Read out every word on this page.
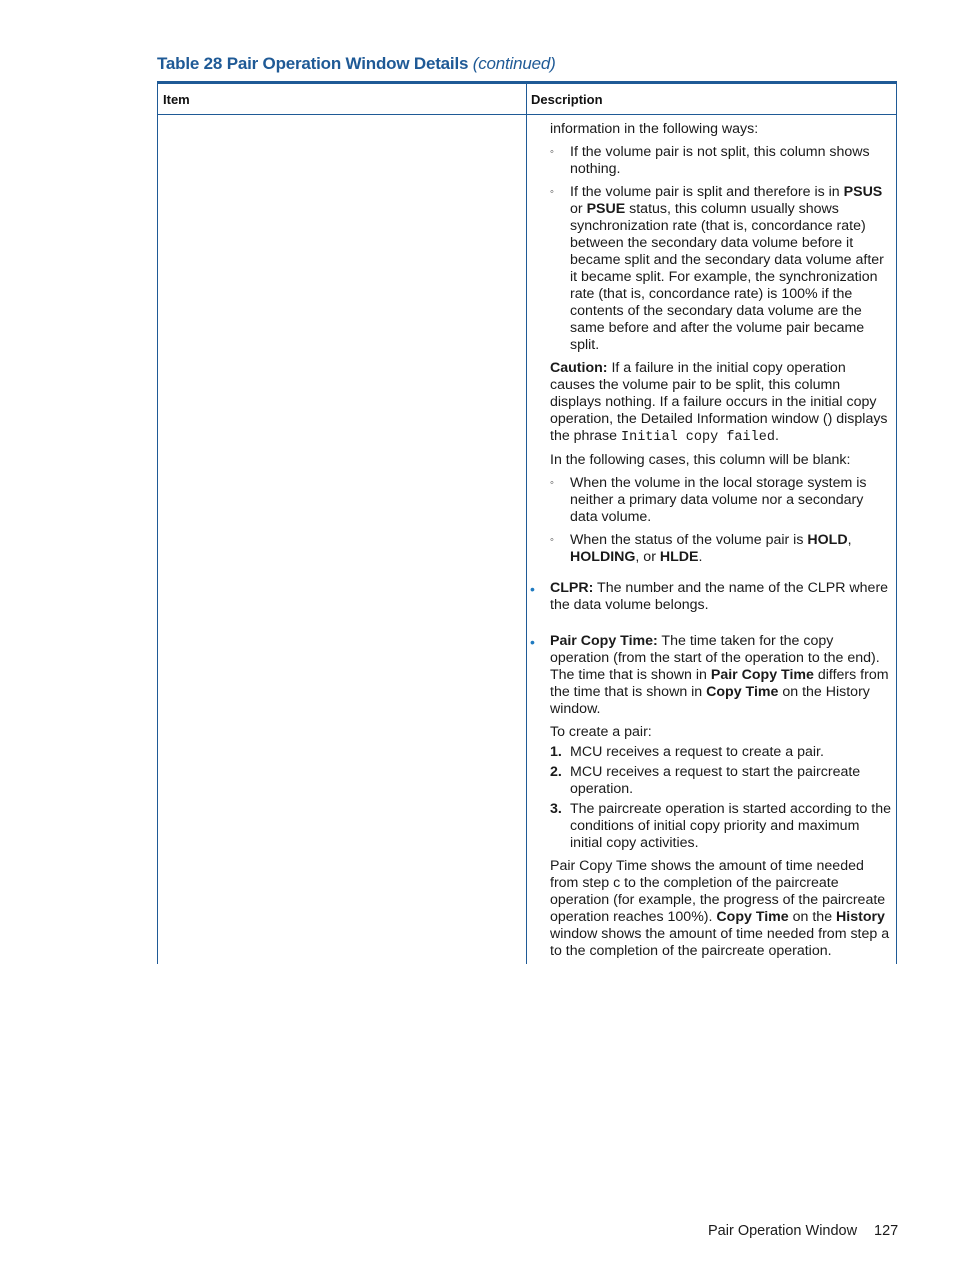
Table 28 Pair Operation Window Details (continued)
Item	Description

information in the following ways:

◦ If the volume pair is not split, this column shows nothing.
◦ If the volume pair is split and therefore is in PSUS or PSUE status, this column usually shows synchronization rate (that is, concordance rate) between the secondary data volume before it became split and the secondary data volume after it became split. For example, the synchronization rate (that is, concordance rate) is 100% if the contents of the secondary data volume are the same before and after the volume pair became split.

Caution: If a failure in the initial copy operation causes the volume pair to be split, this column displays nothing. If a failure occurs in the initial copy operation, the Detailed Information window () displays the phrase Initial copy failed.

In the following cases, this column will be blank:

◦ When the volume in the local storage system is neither a primary data volume nor a secondary data volume.
◦ When the status of the volume pair is HOLD, HOLDING, or HLDE.
• CLPR: The number and the name of the CLPR where the data volume belongs.
• Pair Copy Time: The time taken for the copy operation (from the start of the operation to the end). The time that is shown in Pair Copy Time differs from the time that is shown in Copy Time on the History window.

To create a pair:

1. MCU receives a request to create a pair.
2. MCU receives a request to start the paircreate operation.
3. The paircreate operation is started according to the conditions of initial copy priority and maximum initial copy activities.

Pair Copy Time shows the amount of time needed from step c to the completion of the paircreate operation (for example, the progress of the paircreate operation reaches 100%). Copy Time on the History window shows the amount of time needed from step a to the completion of the paircreate operation.

Pair Operation Window 127
